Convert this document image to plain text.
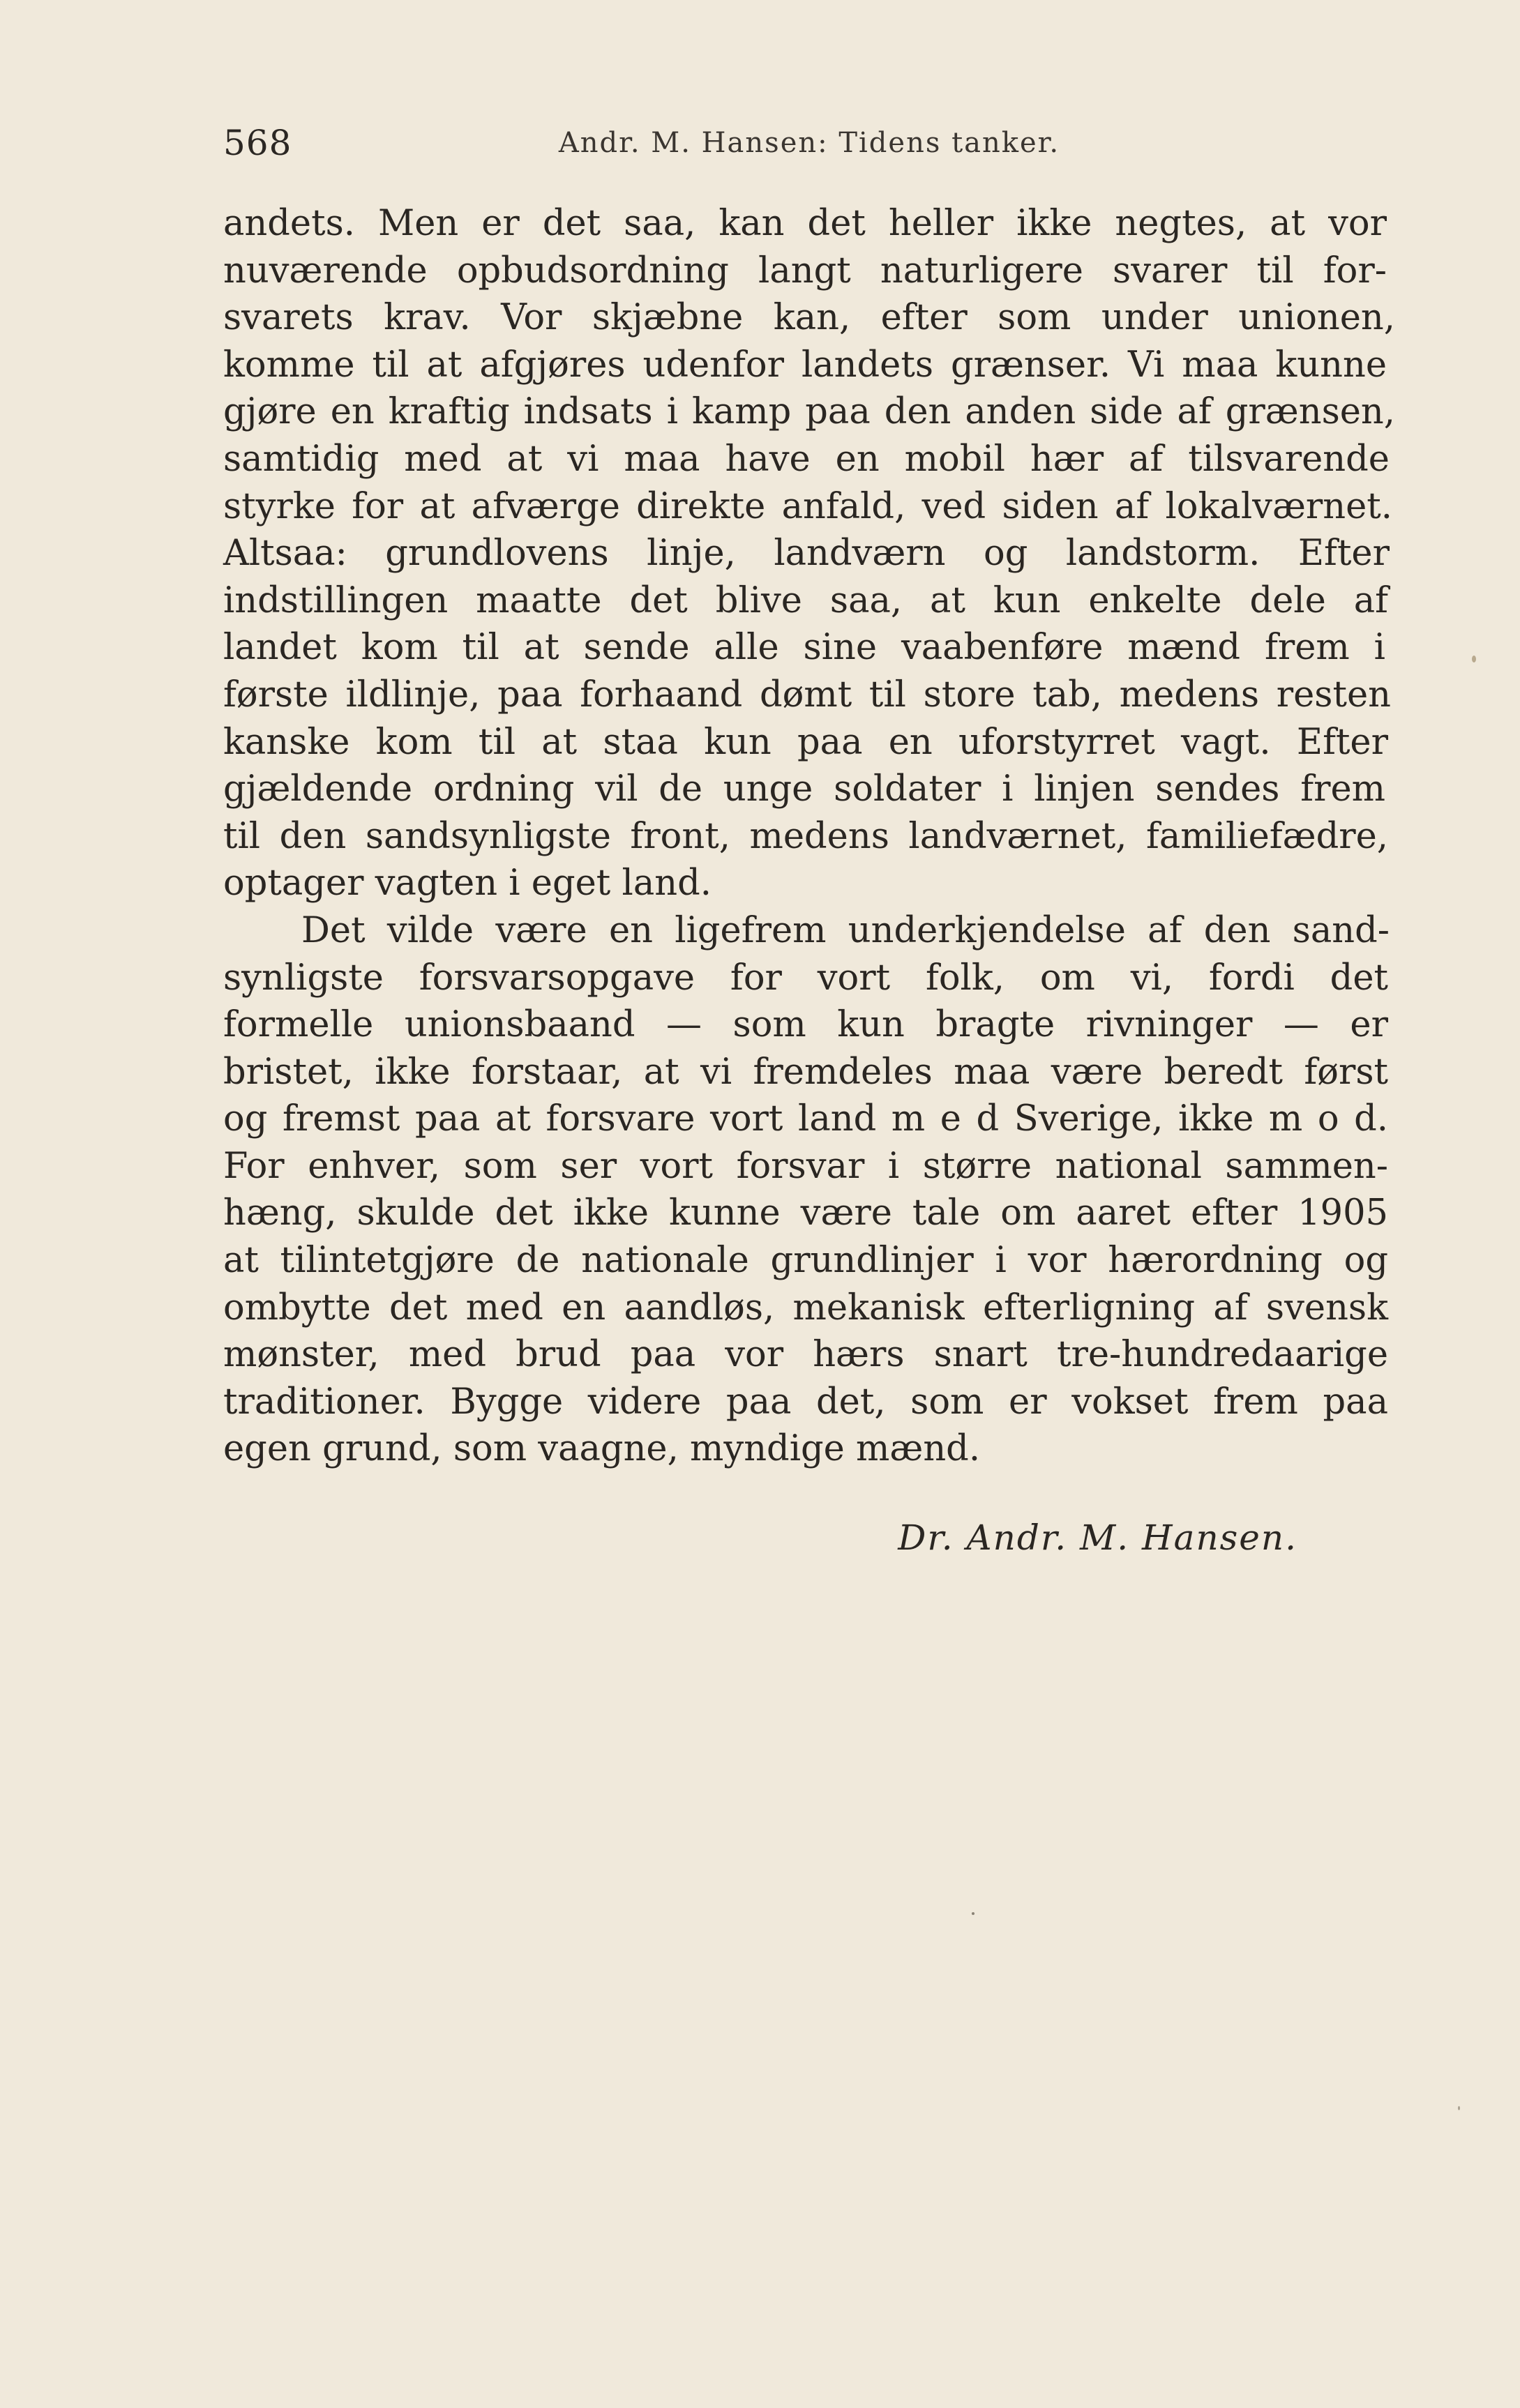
568	Andr. M. Hansen: Tidens tanker.
andets. Men er det saa, kan det heller ikke negtes, at vor
nuværende opbudsordning langt naturligere svarer til for-
svarets krav. Vor skjæbne kan, efter som under unionen,
komme til at afgjøres udenfor landets grænser. Vi maa kunne
gjøre en kraftig indsats i kamp paa den anden side af grænsen,
samtidig med at vi maa have en mobil hær af tilsvarende
styrke for at afværge direkte anfald, ved siden af lokalværnet.
Altsaa: grundlovens linje, landværn og landstorm. Efter
indstillingen maatte det blive saa, at kun enkelte dele af
landet kom til at sende alle sine vaabenføre mænd frem i
første ildlinje, paa forhaand dømt til store tab, medens resten
kanske kom til at staa kun paa en uforstyrret vagt. Efter
gjældende ordning vil de unge soldater i linjen sendes frem
til den sandsynligste front, medens landværnet, familiefædre,
optager vagten i eget land.
Det vilde være en ligefrem underkjendelse af den sand-
synligste forsvarsopgave for vort folk, om vi, fordi det
formelle unionsbaand — som kun bragte rivninger — er
bristet, ikke forstaar, at vi fremdeles maa være beredt først
og fremst paa at forsvare vort land m e d Sverige, ikke m o d.
For enhver, som ser vort forsvar i større national sammen-
hæng, skulde det ikke kunne være tale om aaret efter 1905
at tilintetgjøre de nationale grundlinjer i vor hærordning og
ombytte det med en aandløs, mekanisk efterligning af svensk
mønster, med brud paa vor hærs snart tre-hundredaarige
traditioner. Bygge videre paa det, som er vokset frem paa
egen grund, som vaagne, myndige mænd.
Dr. Andr. M. Hansen.
